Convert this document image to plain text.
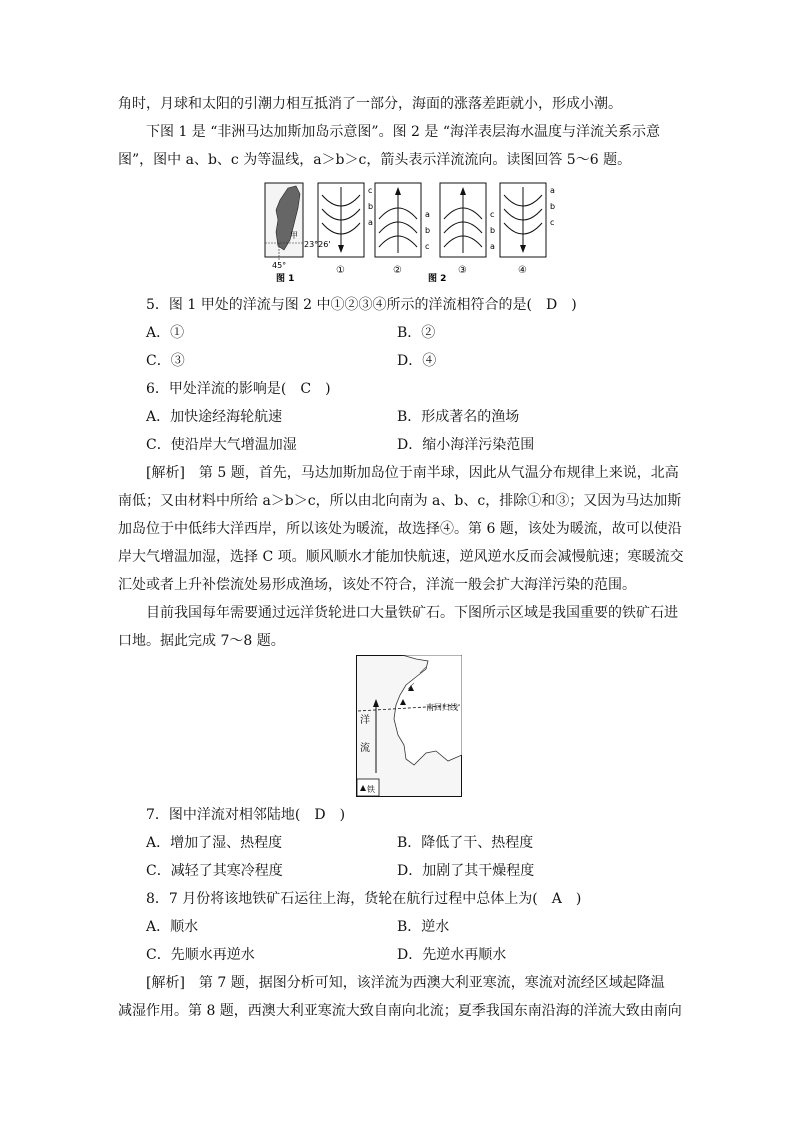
角时，月球和太阳的引潮力相互抵消了一部分，海面的涨落差距就小，形成小潮。
下图 1 是 “非洲马达加斯加岛示意图”。图 2 是 “海洋表层海水温度与洋流关系示意
图”，图中 a、b、c 为等温线，a＞b＞c，箭头表示洋流流向。读图回答 5～6 题。
甲
23°26'
45°
图 1
c
b
a
①
a
b
c
②
c
b
a
③
a
b
c
④
图 2
5．图 1 甲处的洋流与图 2 中①②③④所示的洋流相符合的是(　D　)
A．①	B．②
C．③	D．④
6．甲处洋流的影响是(　C　)
A．加快途经海轮航速	B．形成著名的渔场
C．使沿岸大气增温加湿	D．缩小海洋污染范围
[解析]　第 5 题，首先，马达加斯加岛位于南半球，因此从气温分布规律上来说，北高
南低；又由材料中所给 a＞b＞c，所以由北向南为 a、b、c，排除①和③；又因为马达加斯
加岛位于中低纬大洋西岸，所以该处为暖流，故选择④。第 6 题，该处为暖流，故可以使沿
岸大气增温加湿，选择 C 项。顺风顺水才能加快航速，逆风逆水反而会减慢航速；寒暖流交
汇处或者上升补偿流处易形成渔场，该处不符合，洋流一般会扩大海洋污染的范围。
目前我国每年需要通过远洋货轮进口大量铁矿石。下图所示区域是我国重要的铁矿石进
口地。据此完成 7～8 题。
南回归线
洋
流
铁
7．图中洋流对相邻陆地(　D　)
A．增加了湿、热程度	B．降低了干、热程度
C．减轻了其寒冷程度	D．加剧了其干燥程度
8．7 月份将该地铁矿石运往上海，货轮在航行过程中总体上为(　A　)
A．顺水	B．逆水
C．先顺水再逆水	D．先逆水再顺水
[解析]　第 7 题，据图分析可知，该洋流为西澳大利亚寒流，寒流对流经区域起降温
减湿作用。第 8 题，西澳大利亚寒流大致自南向北流；夏季我国东南沿海的洋流大致由南向
